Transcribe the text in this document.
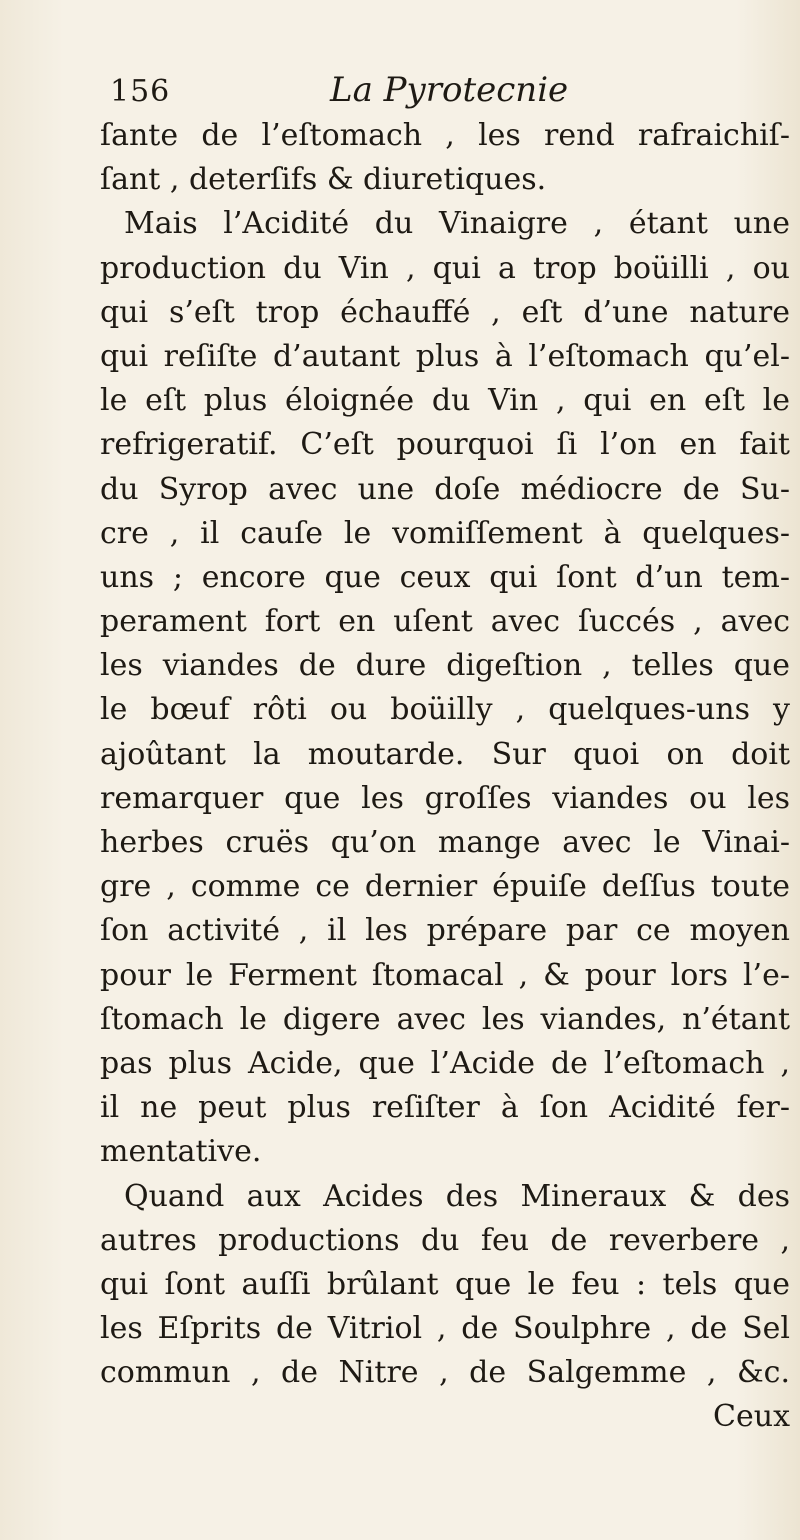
156	La Pyrotecnie
ſante de l’eſtomach , les rend rafraichiſ-
ſant , deterſifs & diuretiques.
Mais l’Acidité du Vinaigre , étant une
production du Vin , qui a trop boüilli , ou
qui s’eſt trop échauffé , eſt d’une nature
qui reſiſte d’autant plus à l’eſtomach qu’el-
le eſt plus éloignée du Vin , qui en eſt le
refrigeratif. C’eſt pourquoi ſi l’on en fait
du Syrop avec une doſe médiocre de Su-
cre , il cauſe le vomiſſement à quelques-
uns ; encore que ceux qui ſont d’un tem-
perament fort en uſent avec ſuccés , avec
les viandes de dure digeſtion , telles que
le bœuf rôti ou boüilly , quelques-uns y
ajoûtant la moutarde. Sur quoi on doit
remarquer que les groſſes viandes ou les
herbes cruës qu’on mange avec le Vinai-
gre , comme ce dernier épuiſe deſſus toute
ſon activité , il les prépare par ce moyen
pour le Ferment ſtomacal , & pour lors l’e-
ſtomach le digere avec les viandes, n’étant
pas plus Acide, que l’Acide de l’eſtomach ,
il ne peut plus reſiſter à ſon Acidité fer-
mentative.
Quand aux Acides des Mineraux & des
autres productions du feu de reverbere ,
qui ſont auſſi brûlant que le feu : tels que
les Eſprits de Vitriol , de Soulphre , de Sel
commun , de Nitre , de Salgemme , &c.
Ceux
